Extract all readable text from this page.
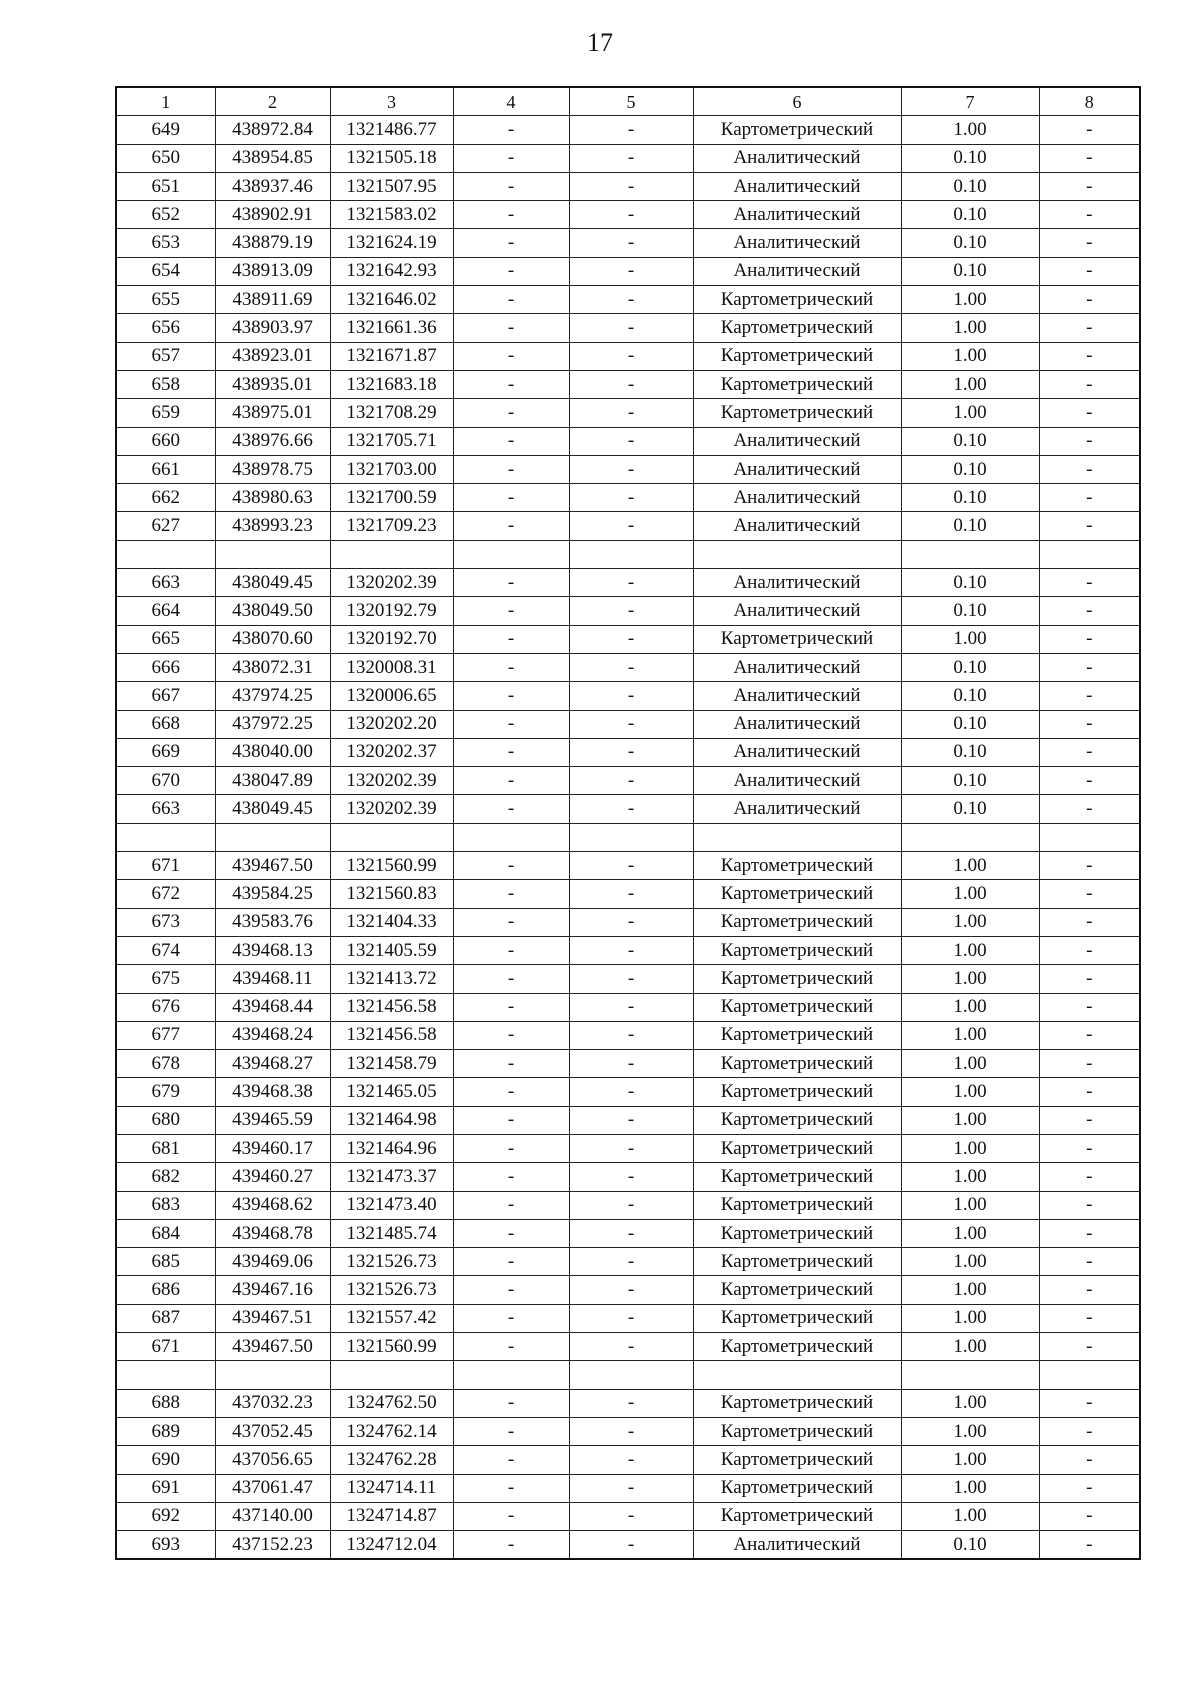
17
1	2	3	4	5	6	7	8
649	438972.84	1321486.77	-	-	Картометрический	1.00	-
650	438954.85	1321505.18	-	-	Аналитический	0.10	-
651	438937.46	1321507.95	-	-	Аналитический	0.10	-
652	438902.91	1321583.02	-	-	Аналитический	0.10	-
653	438879.19	1321624.19	-	-	Аналитический	0.10	-
654	438913.09	1321642.93	-	-	Аналитический	0.10	-
655	438911.69	1321646.02	-	-	Картометрический	1.00	-
656	438903.97	1321661.36	-	-	Картометрический	1.00	-
657	438923.01	1321671.87	-	-	Картометрический	1.00	-
658	438935.01	1321683.18	-	-	Картометрический	1.00	-
659	438975.01	1321708.29	-	-	Картометрический	1.00	-
660	438976.66	1321705.71	-	-	Аналитический	0.10	-
661	438978.75	1321703.00	-	-	Аналитический	0.10	-
662	438980.63	1321700.59	-	-	Аналитический	0.10	-
627	438993.23	1321709.23	-	-	Аналитический	0.10	-

663	438049.45	1320202.39	-	-	Аналитический	0.10	-
664	438049.50	1320192.79	-	-	Аналитический	0.10	-
665	438070.60	1320192.70	-	-	Картометрический	1.00	-
666	438072.31	1320008.31	-	-	Аналитический	0.10	-
667	437974.25	1320006.65	-	-	Аналитический	0.10	-
668	437972.25	1320202.20	-	-	Аналитический	0.10	-
669	438040.00	1320202.37	-	-	Аналитический	0.10	-
670	438047.89	1320202.39	-	-	Аналитический	0.10	-
663	438049.45	1320202.39	-	-	Аналитический	0.10	-

671	439467.50	1321560.99	-	-	Картометрический	1.00	-
672	439584.25	1321560.83	-	-	Картометрический	1.00	-
673	439583.76	1321404.33	-	-	Картометрический	1.00	-
674	439468.13	1321405.59	-	-	Картометрический	1.00	-
675	439468.11	1321413.72	-	-	Картометрический	1.00	-
676	439468.44	1321456.58	-	-	Картометрический	1.00	-
677	439468.24	1321456.58	-	-	Картометрический	1.00	-
678	439468.27	1321458.79	-	-	Картометрический	1.00	-
679	439468.38	1321465.05	-	-	Картометрический	1.00	-
680	439465.59	1321464.98	-	-	Картометрический	1.00	-
681	439460.17	1321464.96	-	-	Картометрический	1.00	-
682	439460.27	1321473.37	-	-	Картометрический	1.00	-
683	439468.62	1321473.40	-	-	Картометрический	1.00	-
684	439468.78	1321485.74	-	-	Картометрический	1.00	-
685	439469.06	1321526.73	-	-	Картометрический	1.00	-
686	439467.16	1321526.73	-	-	Картометрический	1.00	-
687	439467.51	1321557.42	-	-	Картометрический	1.00	-
671	439467.50	1321560.99	-	-	Картометрический	1.00	-

688	437032.23	1324762.50	-	-	Картометрический	1.00	-
689	437052.45	1324762.14	-	-	Картометрический	1.00	-
690	437056.65	1324762.28	-	-	Картометрический	1.00	-
691	437061.47	1324714.11	-	-	Картометрический	1.00	-
692	437140.00	1324714.87	-	-	Картометрический	1.00	-
693	437152.23	1324712.04	-	-	Аналитический	0.10	-
